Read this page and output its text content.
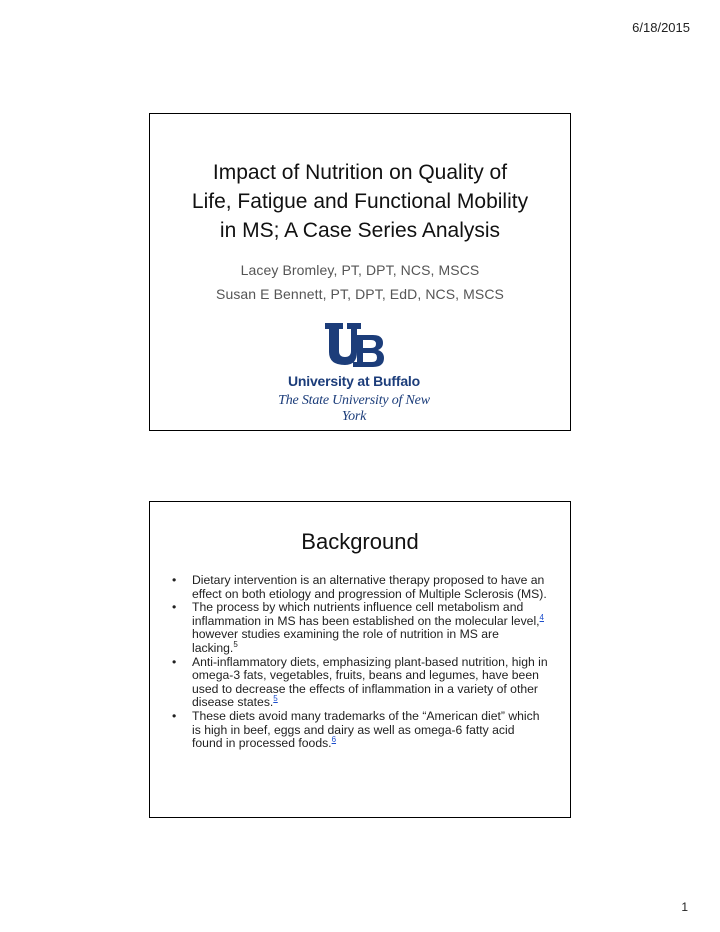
6/18/2015
Impact of Nutrition on Quality of
Life, Fatigue and Functional Mobility
in MS; A Case Series Analysis
Lacey Bromley, PT, DPT, NCS, MSCS
Susan E Bennett, PT, DPT, EdD, NCS, MSCS
University at Buffalo
The State University of New York
Background
• Dietary intervention is an alternative therapy proposed to have an effect on both etiology and progression of Multiple Sclerosis (MS).
• The process by which nutrients influence cell metabolism and inflammation in MS has been established on the molecular level,$^4$ however studies examining the role of nutrition in MS are lacking.$^5$
• Anti-inflammatory diets, emphasizing plant-based nutrition, high in omega-3 fats, vegetables, fruits, beans and legumes, have been used to decrease the effects of inflammation in a variety of other disease states.$^5$
• These diets avoid many trademarks of the “American diet” which is high in beef, eggs and dairy as well as omega-6 fatty acid found in processed foods.$^6$
1
